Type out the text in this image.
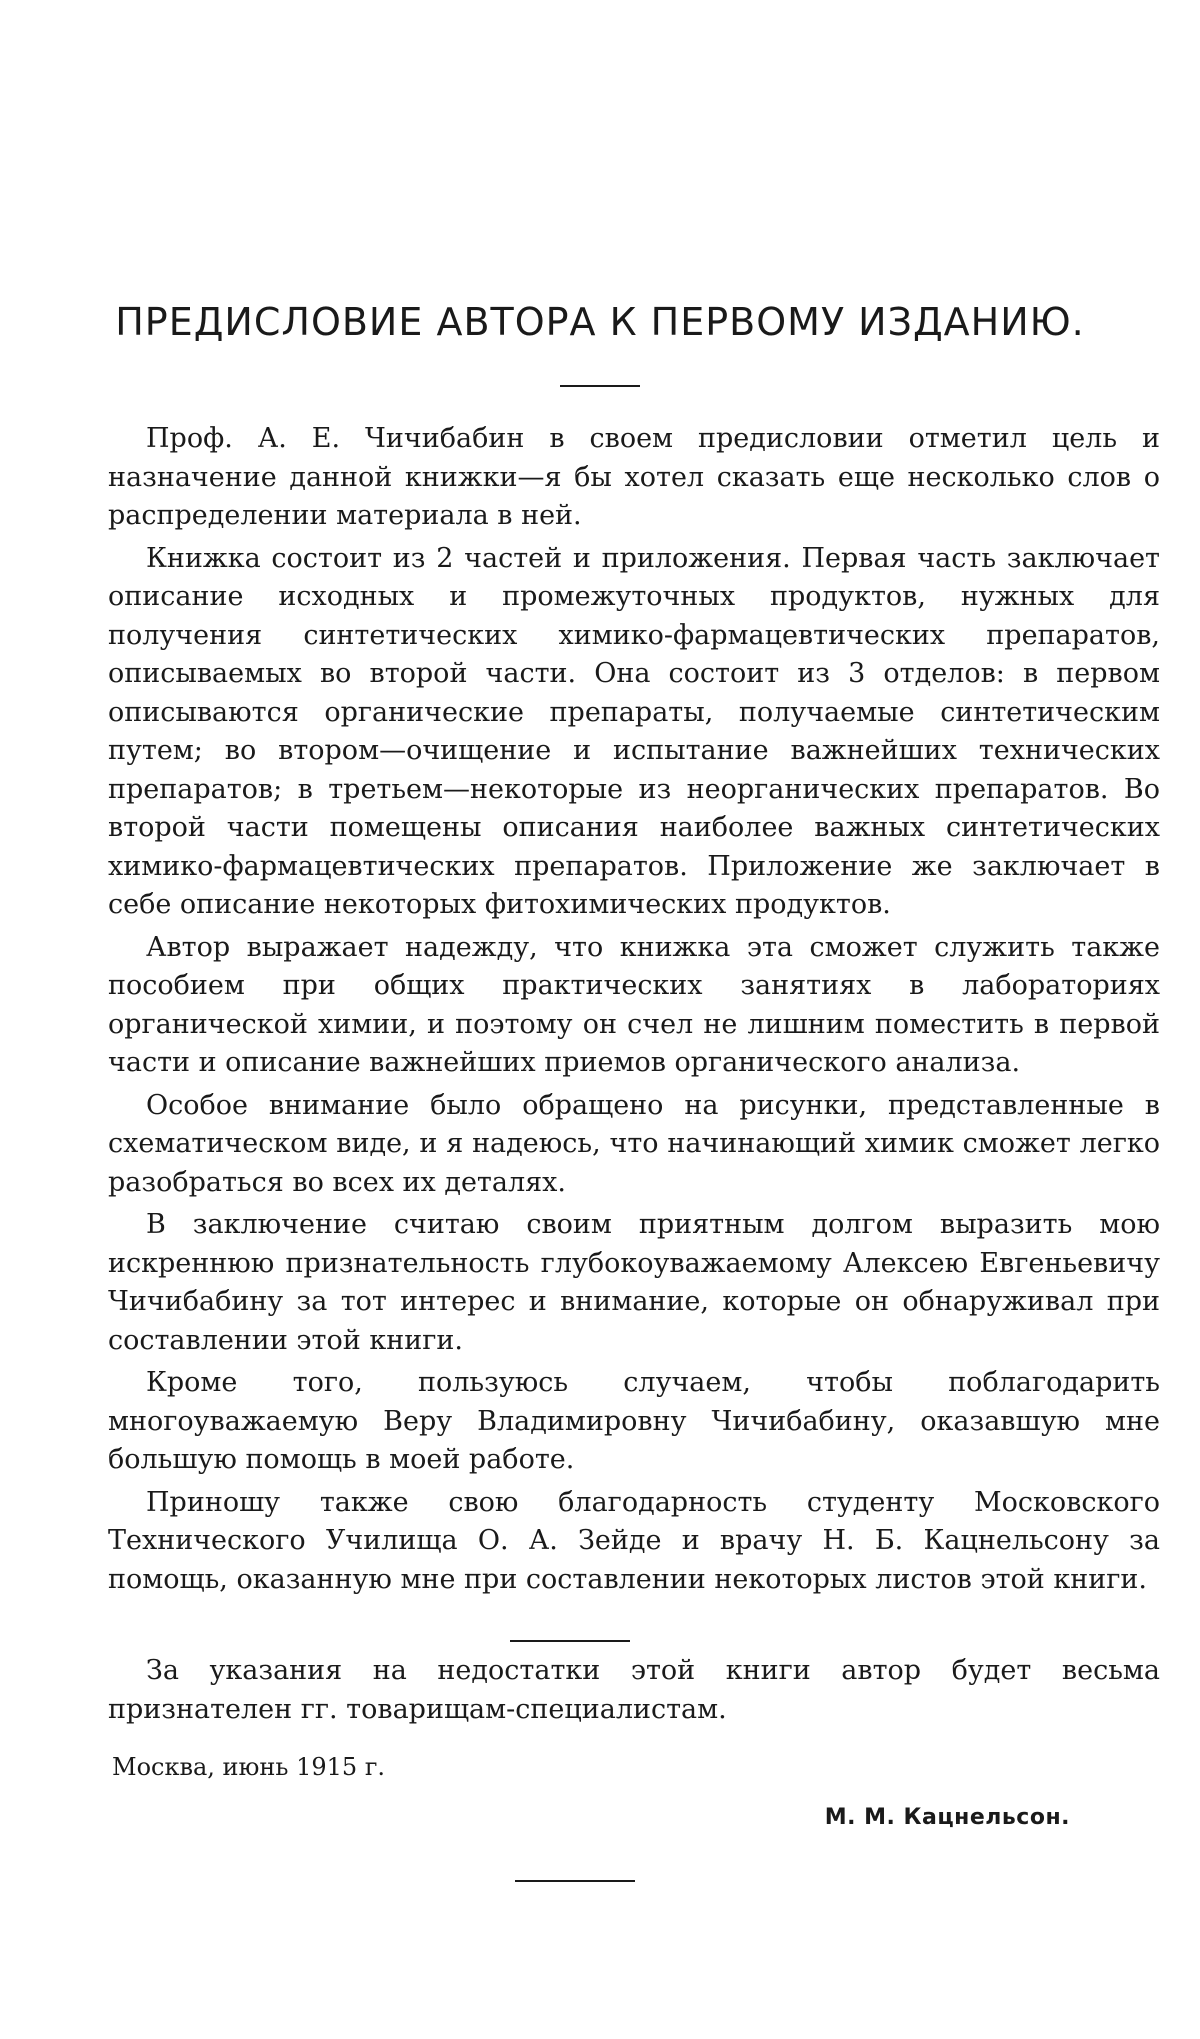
ПРЕДИСЛОВИЕ АВТОРА К ПЕРВОМУ ИЗДАНИЮ.

Проф. А. Е. Чичибабин в своем предисловии отметил цель и назначение данной книжки—я бы хотел сказать еще несколько слов о распределении материала в ней.

Книжка состоит из 2 частей и приложения. Первая часть заключает описание исходных и промежуточных продуктов, нужных для получения синтетических химико-фармацевтических препаратов, описываемых во второй части. Она состоит из 3 отделов: в первом описываются органические препараты, получаемые синтетическим путем; во втором—очищение и испытание важнейших технических препаратов; в третьем—некоторые из неорганических препаратов. Во второй части помещены описания наиболее важных синтетических химико-фармацевтических препаратов. Приложение же заключает в себе описание некоторых фитохимических продуктов.

Автор выражает надежду, что книжка эта сможет служить также пособием при общих практических занятиях в лабораториях органической химии, и поэтому он счел не лишним поместить в первой части и описание важнейших приемов органического анализа.

Особое внимание было обращено на рисунки, представленные в схематическом виде, и я надеюсь, что начинающий химик сможет легко разобраться во всех их деталях.

В заключение считаю своим приятным долгом выразить мою искреннюю признательность глубокоуважаемому Алексею Евгеньевичу Чичибабину за тот интерес и внимание, которые он обнаруживал при составлении этой книги.

Кроме того, пользуюсь случаем, чтобы поблагодарить многоуважаемую Веру Владимировну Чичибабину, оказавшую мне большую помощь в моей работе.

Приношу также свою благодарность студенту Московского Технического Училища О. А. Зейде и врачу Н. Б. Кацнельсону за помощь, оказанную мне при составлении некоторых листов этой книги.

За указания на недостатки этой книги автор будет весьма признателен гг. товарищам-специалистам.

Москва, июнь 1915 г.
М. М. Кацнельсон.
